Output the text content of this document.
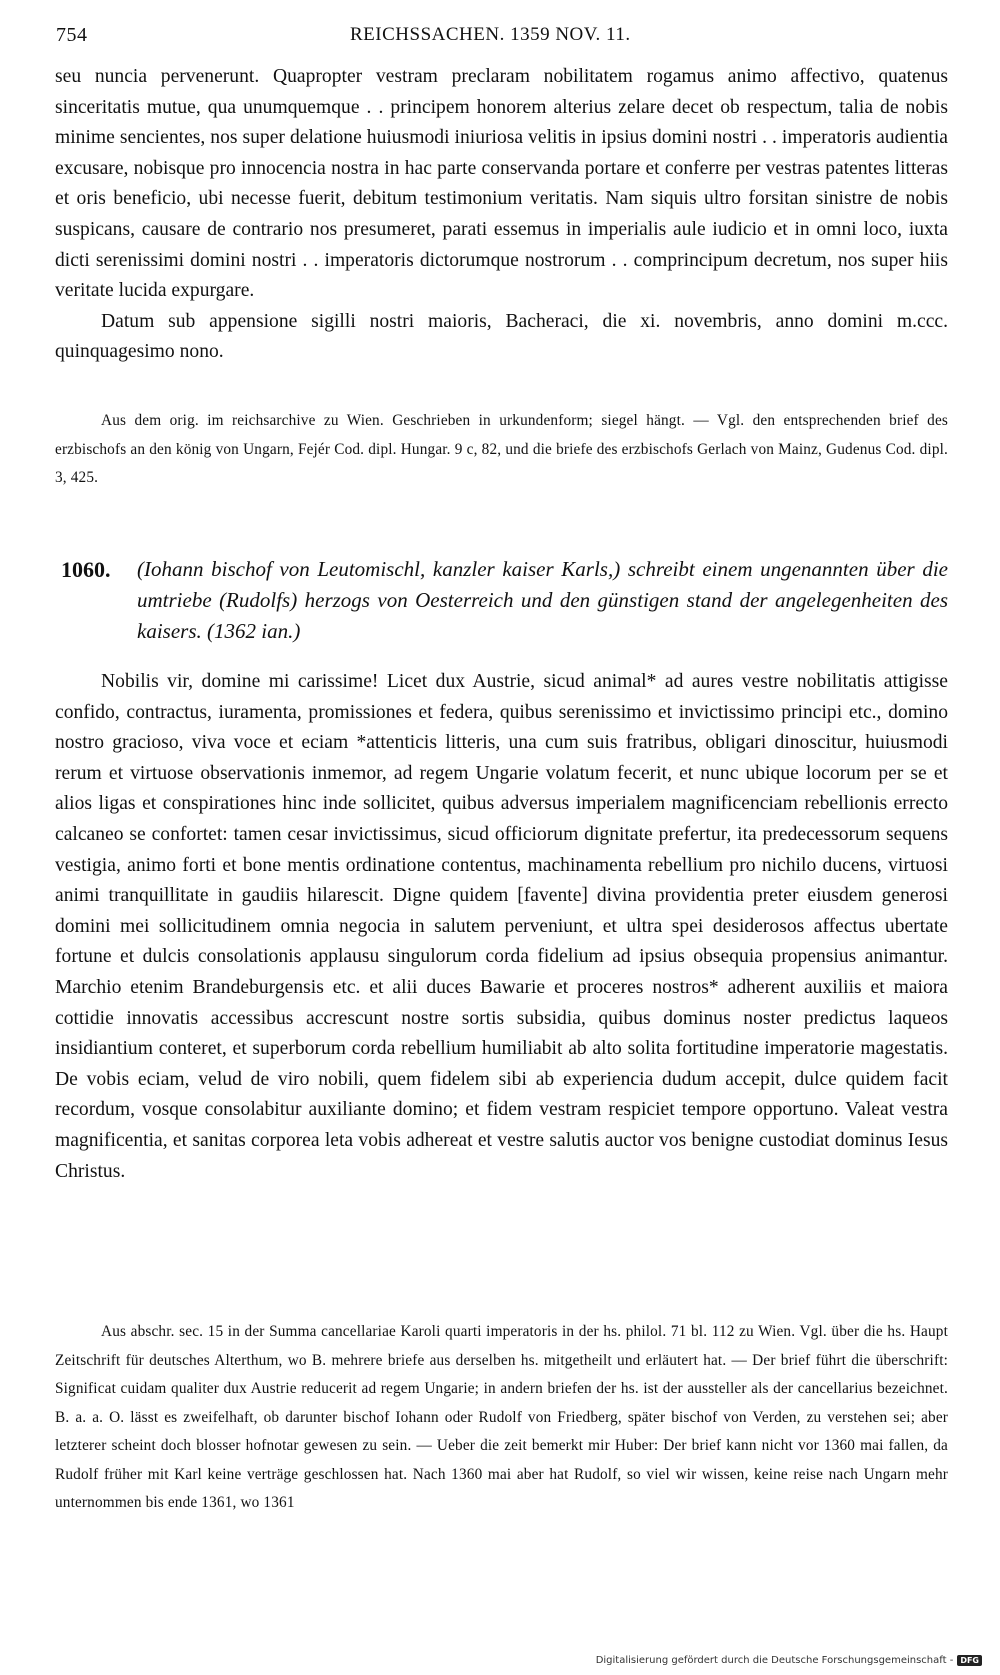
754	REICHSSACHEN. 1359 NOV. 11.

seu nuncia pervenerunt. Quapropter vestram preclaram nobilitatem rogamus animo affectivo, quatenus sinceritatis mutue, qua unumquemque . . principem honorem alterius zelare decet ob respectum, talia de nobis minime sencientes, nos super delatione huiusmodi iniuriosa velitis in ipsius domini nostri . . imperatoris audientia excusare, nobisque pro innocencia nostra in hac parte conservanda portare et conferre per vestras patentes litteras et oris beneficio, ubi necesse fuerit, debitum testimonium veritatis. Nam siquis ultro forsitan sinistre de nobis suspicans, causare de contrario nos presumeret, parati essemus in imperialis aule iudicio et in omni loco, iuxta dicti serenissimi domini nostri . . imperatoris dictorumque nostrorum . . comprincipum decretum, nos super hiis veritate lucida expurgare.

Datum sub appensione sigilli nostri maioris, Bacheraci, die xi. novembris, anno domini m.ccc. quinquagesimo nono.

Aus dem orig. im reichsarchive zu Wien. Geschrieben in urkundenform; siegel hängt. — Vgl. den entsprechenden brief des erzbischofs an den könig von Ungarn, Fejér Cod. dipl. Hungar. 9 c, 82, und die briefe des erzbischofs Gerlach von Mainz, Gudenus Cod. dipl. 3, 425.

1060. (Iohann bischof von Leutomischl, kanzler kaiser Karls,) schreibt einem ungenannten über die umtriebe (Rudolfs) herzogs von Oesterreich und den günstigen stand der angelegenheiten des kaisers. (1362 ian.)

Nobilis vir, domine mi carissime! Licet dux Austrie, sicud animal* ad aures vestre nobilitatis attigisse confido, contractus, iuramenta, promissiones et federa, quibus serenissimo et invictissimo principi etc., domino nostro gracioso, viva voce et eciam *attenticis litteris, una cum suis fratribus, obligari dinoscitur, huiusmodi rerum et virtuose observationis inmemor, ad regem Ungarie volatum fecerit, et nunc ubique locorum per se et alios ligas et conspirationes hinc inde sollicitet, quibus adversus imperialem magnificenciam rebellionis errecto calcaneo se confortet: tamen cesar invictissimus, sicud officiorum dignitate prefertur, ita predecessorum sequens vestigia, animo forti et bone mentis ordinatione contentus, machinamenta rebellium pro nichilo ducens, virtuosi animi tranquillitate in gaudiis hilarescit. Digne quidem [favente] divina providentia preter eiusdem generosi domini mei sollicitudinem omnia negocia in salutem perveniunt, et ultra spei desiderosos affectus ubertate fortune et dulcis consolationis applausu singulorum corda fidelium ad ipsius obsequia propensius animantur. Marchio etenim Brandeburgensis etc. et alii duces Bawarie et proceres nostros* adherent auxiliis et maiora cottidie innovatis accessibus accrescunt nostre sortis subsidia, quibus dominus noster predictus laqueos insidiantium conteret, et superborum corda rebellium humiliabit ab alto solita fortitudine imperatorie magestatis. De vobis eciam, velud de viro nobili, quem fidelem sibi ab experiencia dudum accepit, dulce quidem facit recordum, vosque consolabitur auxiliante domino; et fidem vestram respiciet tempore opportuno. Valeat vestra magnificentia, et sanitas corporea leta vobis adhereat et vestre salutis auctor vos benigne custodiat dominus Iesus Christus.

Aus abschr. sec. 15 in der Summa cancellariae Karoli quarti imperatoris in der hs. philol. 71 bl. 112 zu Wien. Vgl. über die hs. Haupt Zeitschrift für deutsches Alterthum, wo B. mehrere briefe aus derselben hs. mitgetheilt und erläutert hat. — Der brief führt die überschrift: Significat cuidam qualiter dux Austrie reducerit ad regem Ungarie; in andern briefen der hs. ist der aussteller als der cancellarius bezeichnet. B. a. a. O. lässt es zweifelhaft, ob darunter bischof Iohann oder Rudolf von Friedberg, später bischof von Verden, zu verstehen sei; aber letzterer scheint doch blosser hofnotar gewesen zu sein. — Ueber die zeit bemerkt mir Huber: Der brief kann nicht vor 1360 mai fallen, da Rudolf früher mit Karl keine verträge geschlossen hat. Nach 1360 mai aber hat Rudolf, so viel wir wissen, keine reise nach Ungarn mehr unternommen bis ende 1361, wo 1361

Digitalisierung gefördert durch die Deutsche Forschungsgemeinschaft - DFG
